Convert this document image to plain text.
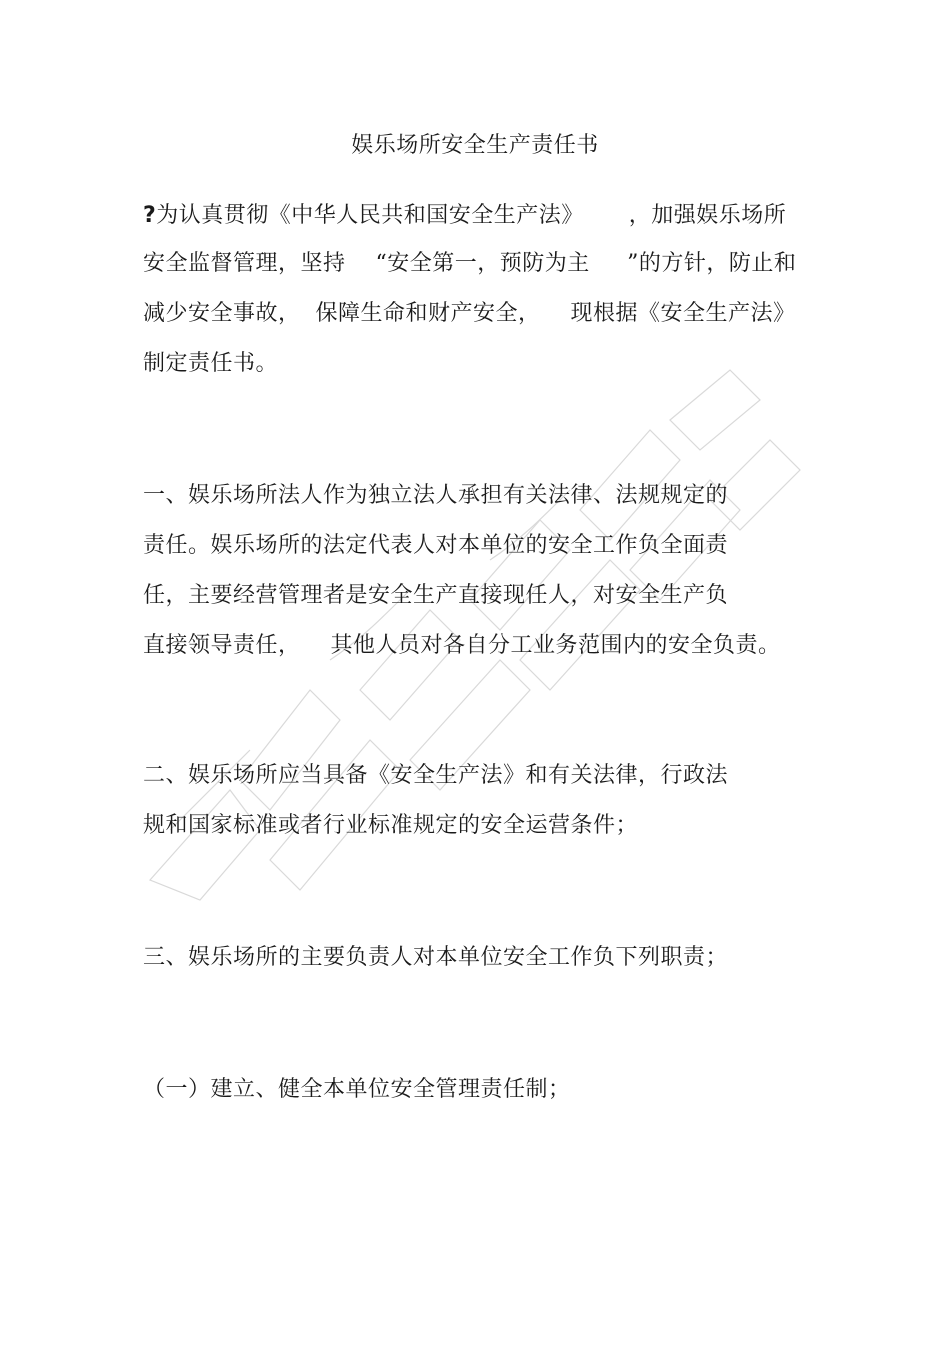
娱乐场所安全生产责任书
?为认真贯彻《中华人民共和国安全生产法》      ，加强娱乐场所
安全监督管理，坚持    “安全第一，预防为主     ”的方针，防止和
减少安全事故，  保障生命和财产安全，    现根据《安全生产法》
制定责任书。
一、娱乐场所法人作为独立法人承担有关法律、法规规定的
责任。娱乐场所的法定代表人对本单位的安全工作负全面责
任，主要经营管理者是安全生产直接现任人，对安全生产负
直接领导责任，    其他人员对各自分工业务范围内的安全负责。
二、娱乐场所应当具备《安全生产法》和有关法律，行政法
规和国家标准或者行业标准规定的安全运营条件；
三、娱乐场所的主要负责人对本单位安全工作负下列职责；
（一）建立、健全本单位安全管理责任制；
